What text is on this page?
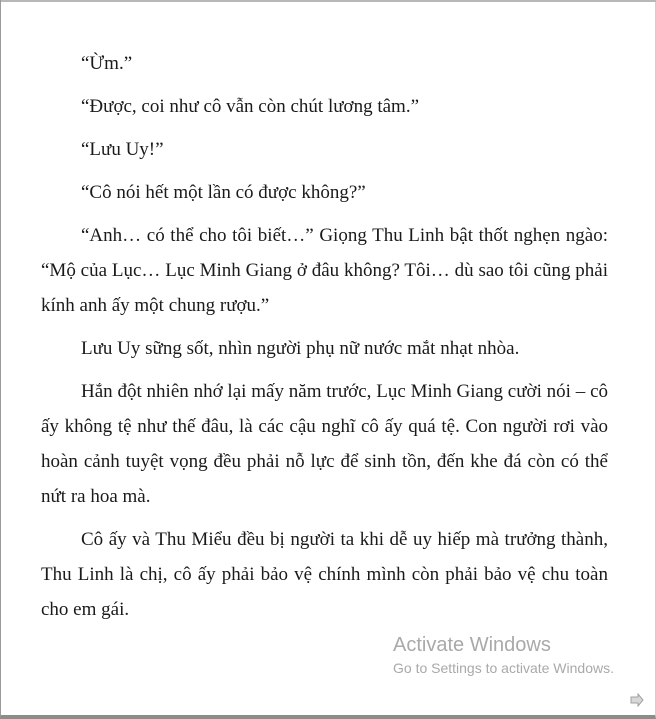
“Ừm.”

“Được, coi như cô vẫn còn chút lương tâm.”

“Lưu Uy!”

“Cô nói hết một lần có được không?”

“Anh… có thể cho tôi biết…” Giọng Thu Linh bật thốt nghẹn ngào: “Mộ của Lục… Lục Minh Giang ở đâu không? Tôi… dù sao tôi cũng phải kính anh ấy một chung rượu.”

Lưu Uy sững sốt, nhìn người phụ nữ nước mắt nhạt nhòa.

Hắn đột nhiên nhớ lại mấy năm trước, Lục Minh Giang cười nói – cô ấy không tệ như thế đâu, là các cậu nghĩ cô ấy quá tệ. Con người rơi vào hoàn cảnh tuyệt vọng đều phải nỗ lực để sinh tồn, đến khe đá còn có thể nứt ra hoa mà.

Cô ấy và Thu Miểu đều bị người ta khi dễ uy hiếp mà trưởng thành, Thu Linh là chị, cô ấy phải bảo vệ chính mình còn phải bảo vệ chu toàn cho em gái.

Activate Windows
Go to Settings to activate Windows.
